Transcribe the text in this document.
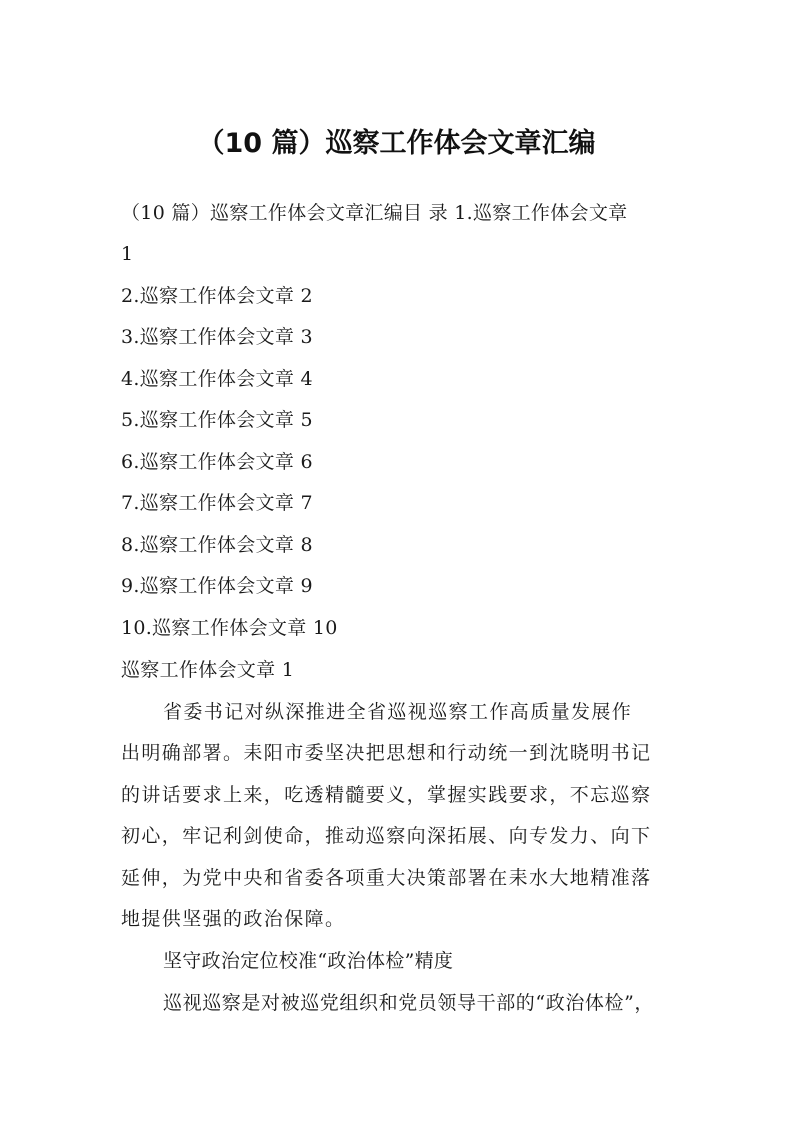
（10 篇）巡察工作体会文章汇编
（10 篇）巡察工作体会文章汇编目 录 1.巡察工作体会文章
1
2.巡察工作体会文章 2
3.巡察工作体会文章 3
4.巡察工作体会文章 4
5.巡察工作体会文章 5
6.巡察工作体会文章 6
7.巡察工作体会文章 7
8.巡察工作体会文章 8
9.巡察工作体会文章 9
10.巡察工作体会文章 10
巡察工作体会文章 1
省委书记对纵深推进全省巡视巡察工作高质量发展作
出明确部署。耒阳市委坚决把思想和行动统一到沈晓明书记
的讲话要求上来，吃透精髓要义，掌握实践要求，不忘巡察
初心，牢记利剑使命，推动巡察向深拓展、向专发力、向下
延伸，为党中央和省委各项重大决策部署在耒水大地精准落
地提供坚强的政治保障。
坚守政治定位校准“政治体检”精度
巡视巡察是对被巡党组织和党员领导干部的“政治体检”，
